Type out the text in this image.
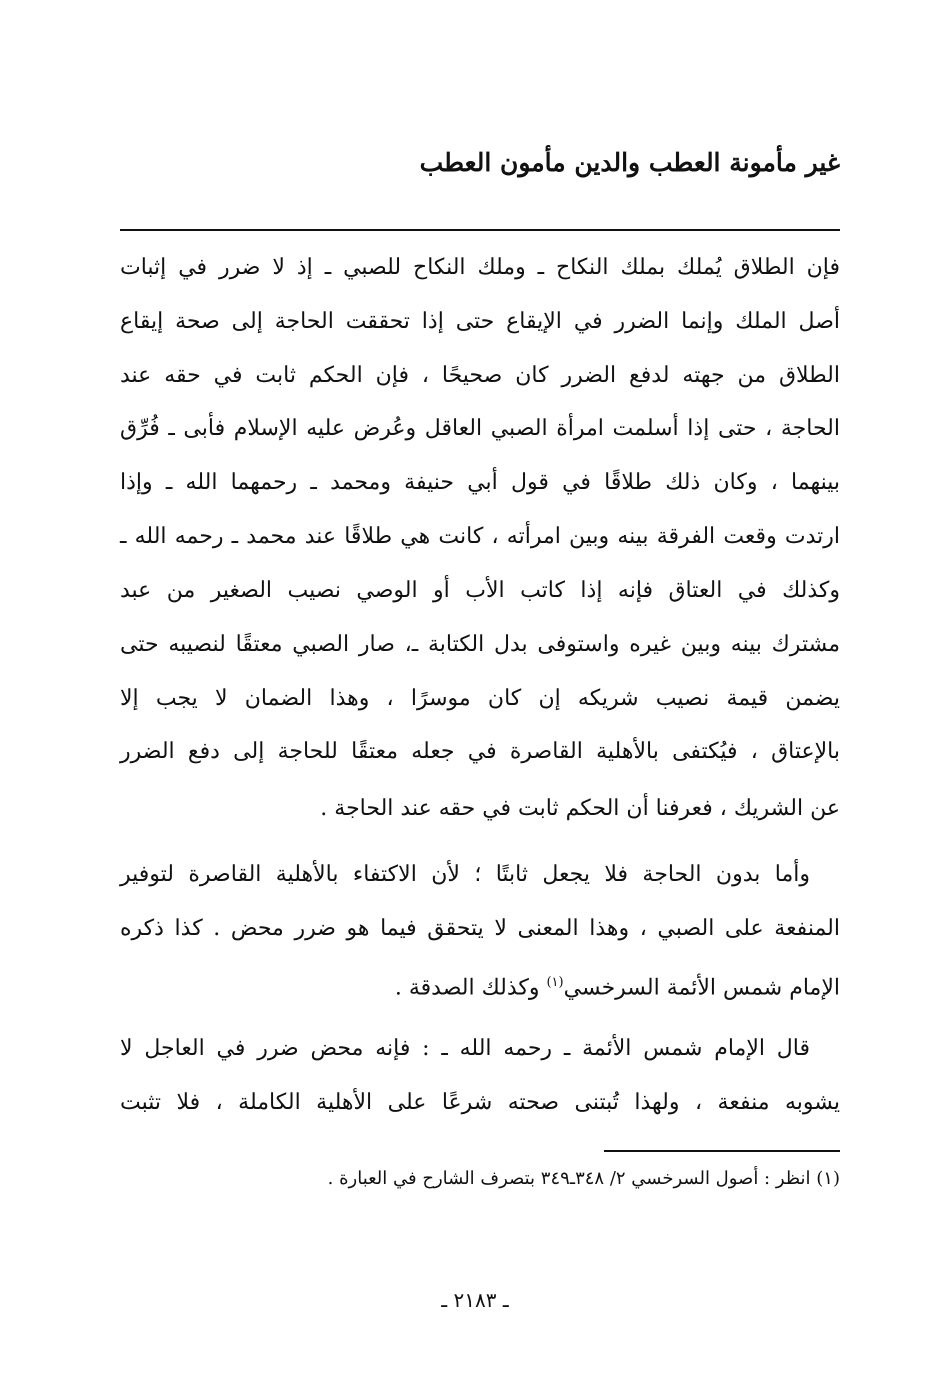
غير مأمونة العطب والدين مأمون العطب
فإن الطلاق يُملك بملك النكاح ـ وملك النكاح للصبي ـ إذ لا ضرر في إثبات
أصل الملك وإنما الضرر في الإيقاع حتى إذا تحققت الحاجة إلى صحة إيقاع
الطلاق من جهته لدفع الضرر كان صحيحًا ، فإن الحكم ثابت في حقه عند
الحاجة ، حتى إذا أسلمت امرأة الصبي العاقل وعُرض عليه الإسلام فأبى ـ فُرِّق
بينهما ، وكان ذلك طلاقًا في قول أبي حنيفة ومحمد ـ رحمهما الله ـ وإذا
ارتدت وقعت الفرقة بينه وبين امرأته ، كانت هي طلاقًا عند محمد ـ رحمه الله ـ
وكذلك في العتاق فإنه إذا كاتب الأب أو الوصي نصيب الصغير من عبد
مشترك بينه وبين غيره واستوفى بدل الكتابة ـ، صار الصبي معتقًا لنصيبه حتى
يضمن قيمة نصيب شريكه إن كان موسرًا ، وهذا الضمان لا يجب إلا
بالإعتاق ، فيُكتفى بالأهلية القاصرة في جعله معتقًا للحاجة إلى دفع الضرر
عن الشريك ، فعرفنا أن الحكم ثابت في حقه عند الحاجة .
وأما بدون الحاجة فلا يجعل ثابتًا ؛ لأن الاكتفاء بالأهلية القاصرة لتوفير
المنفعة على الصبي ، وهذا المعنى لا يتحقق فيما هو ضرر محض . كذا ذكره
الإمام شمس الأئمة السرخسي$^{(١)}$ وكذلك الصدقة .
قال الإمام شمس الأئمة ـ رحمه الله ـ : فإنه محض ضرر في العاجل لا
يشوبه منفعة ، ولهذا تُبتنى صحته شرعًا على الأهلية الكاملة ، فلا تثبت
(١) انظر : أصول السرخسي ٢/ ٣٤٨ـ٣٤٩ بتصرف الشارح في العبارة .
ـ ٢١٨٣ ـ
